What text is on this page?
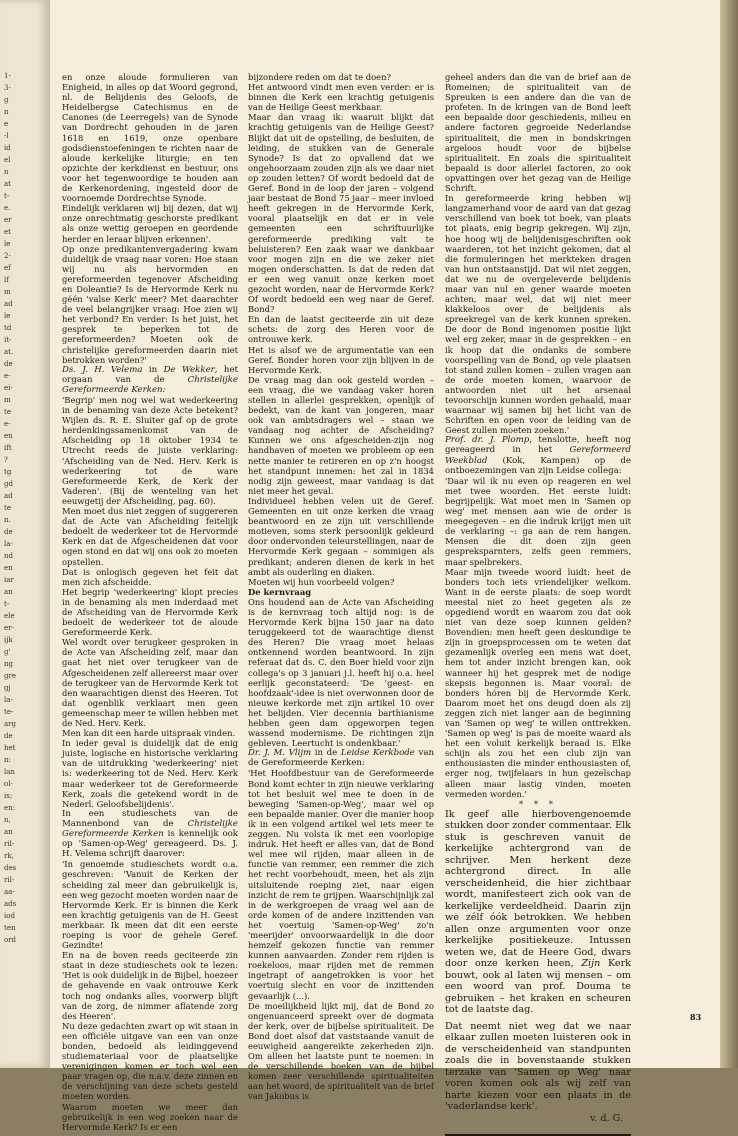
1-
3-
g
n
e
-l
id
el
n
at
t-
e.
er
et
le
2-
ef
lf
m
ad
le
td
it-
at.
de
e-
ei-
m
te
e-
en
ift
?
tg
gd
ad
te
n.
de
la-
nd
en
iar
an
t-
ele
er-
ijk
g'
ng
gre
gj
la-
te-
arg
de
het
n:
lan
ol-
is;
en:
n,
an
ril-
rk,
des
ril-
aa-
ads
iod
ten
ord

en onze aloude formulieren van Enigheid, in alles op dat Woord gegrond, nl. de Belijdenis des Geloofs, de Heidelbergse Catechismus en de Canones (de Leerregels) van de Synode van Dordrecht gehouden in de jaren 1618 en 1619, onze openbare godsdienstoefeningen te richten naar de aloude kerkelijke liturgie; en ten opzichte der kerkdienst en bestuur, ons voor het tegenwoordige te houden aan de Kerkenordening, ingesteld door de voornoemde Dordrechtse Synode.

Eindelijk verklaren wij bij dezen, dat wij onze onrechtmatig geschorste predikant als onze wettig geroepen en geordende herder en leraar blijven erkennen'.

Op onze predikantenvergadering kwam duidelijk de vraag naar voren: Hoe staan wij nu als hervormden en gereformeerden tegenover Afscheiding en Doleantie? Is de Hervormde Kerk nu géén 'valse Kerk' meer? Met daarachter de veel belangrijker vraag: Hoe zien wij het verbond? En verder: Is het juist, het gesprek te beperken tot de gereformeerden? Moeten ook de christelijke gereformeerden daarin niet betrokken worden?'

Ds. J. H. Velema in De Wekker, het orgaan van de	Christelijke Gereformeerde Kerken:

'Begrip' men nog wel wat wederkeering in de benaming van deze Acte betekent? Wijlen ds. R. E. Sluiter gaf op de grote herdenkingssamenkomst van de Afscheiding op 18 oktober 1934 te Utrecht reeds de juiste verklaring: 'Afscheiding van de Ned. Herv. Kerk is wederkeering tot de ware Gereformeerde Kerk, de Kerk der Vaderen'. (Bij de wenteling van het eeuwgetij der Afscheiding, pag. 60).

Men moet dus niet zeggen of suggereren dat de Acte van Afscheiding feitelijk bedoelt de wederkeer tot de Hervormde Kerk en dat de Afgescheidenen dat voor ogen stond en dat wij ons ook zo moeten opstellen.

Dat is onlogisch gegeven het feit dat men zich afscheidde.

Het begrip 'wederkeering' klopt precies in de benaming als men inderdaad met de Afscheiding van de Hervormde Kerk bedoelt de wederkeer tot de aloude Gereformeerde Kerk.

Wel wordt over terugkeer gesproken in de Acte van Afscheiding zelf, maar dan gaat het niet over terugkeer van de Afgescheidenen zelf allereerst maar over de terugkeer van de Hervormde Kerk tot den waarachtigen dienst des Heeren. Tot dat ogenblik verklaart men geen gemeenschap meer te willen hebben met de Ned. Herv. Kerk.

Men kan dit een harde uitspraak vinden.

In ieder geval is duidelijk dat de enig juiste, logische en historische verklaring van de uitdrukking 'wederkeering' niet is: wederkeering tot de Ned. Herv. Kerk maar wederkeer tot de Gereformeerde Kerk, zoals die getekend wordt in de Nederl. Geloofsbelijdenis'.

In een studieschets van de Mannenbond van de Christelijke Gereformeerde Kerken is kennelijk ook op 'Samen-op-Weg' gereageerd. Ds. J. H. Velema schrijft daarover:

'In genoemde studieschets wordt o.a. geschreven: 'Vanuit de Kerken der scheiding zal meer dan gebruikelijk is, een weg gezocht moeten worden naar de Hervormde Kerk. Er is binnen die Kerk een krachtig getuigenis van de H. Geest merkbaar. Ik meen dat dit een eerste roeping is voor de gehele Geref. Gezindte!

En na de boven reeds geciteerde zin staat in deze studieschets ook te lezen: 'Het is ook duidelijk in de Bijbel, hoezeer de gehavende en vaak ontrouwe Kerk toch nog ondanks alles, voorwerp blijft van de zorg, de nimmer aflatende zorg des Heeren'.

Nu deze gedachten zwart op wit staan in een officiële uitgave van een van onze bonden, bedoeld als leidinggevend studiemateriaal voor de plaatselijke verenigingen komen er toch wel een paar vragen op, die n.a.v. deze zinnen en de verschijning van deze schets gesteld moeten worden.

Waarom moeten we meer dan gebruikelijk is een weg zoeken naar de Hervormde Kerk? Is er een

bijzondere reden om dat te doen?

Het antwoord vindt men even verder: er is binnen die Kerk een krachtig getuigenis van de Heilige Geest merkbaar.

Maar dan vraag ik: waaruit blijkt dat krachtig getuigenis van de Heilige Geest? Blijkt dat uit de opstelling, de besluiten, de leiding, de stukken van de Generale Synode? Is dat zo opvallend dat we ongehoorzaam zouden zijn als we daar niet op zouden letten? Of wordt bedoeld dat de Geref. Bond in de loop der jaren – volgend jaar bestaat de Bond 75 jaar – meer invloed heeft gekregen in de Hervormde Kerk, vooral plaatselijk en dat er in vele gemeenten een schriftuurlijke gereformeerde prediking valt te beluisteren? Een zaak waar we dankbaar voor mogen zijn en die we zeker niet mogen onderschatten. Is dat de reden dat er een weg vanuit onze kerken moet gezocht worden, naar de Hervormde Kerk? Of wordt bedoeld een weg naar de Geref. Bond?

En dan de laatst geciteerde zin uit deze schets: de zorg des Heren voor de ontrouwe kerk.

Het is alsof we de argumentatie van een Geref. Bonder horen voor zijn blijven in de Hervormde Kerk.

De vraag mag dan ook gesteld worden – een vraag, die we vandaag vaker horen stellen in allerlei gesprekken, openlijk of bedekt, van de kant van jongeren, maar ook van ambtsdragers wel – staan we vandaag nog achter de Afscheiding? Kunnen we ons afgescheiden-zijn nog handhaven of moeten we probleem op een nette manier te retireren en op z'n hoogst het standpunt innemen: het zal in 1834 nodig zijn geweest, maar vandaag is dat niet meer het geval.

Individueel hebben velen uit de Geref. Gemeenten en uit onze kerken die vraag beantwoord en ze zijn uit verschillende motieven, soms sterk persoonlijk gekleurd door ondervonden teleurstellingen, naar de Hervormde Kerk gegaan – sommigen als predikant; anderen dienen de kerk in het ambt als ouderling en diaken.

Moeten wij hun voorbeeld volgen?

De kernvraag

Ons houdend aan de Acte van Afscheiding is de kernvraag toch altijd nog: is de Hervormde Kerk bijna 150 jaar na dato teruggekeerd tot de waarachtige dienst des Heren? Die vraag moet helaas ontkennend worden beantwoord. In zijn referaat dat ds. C. den Boer hield voor zijn collega's op 3 januari j.l. heeft hij o.a. heel eerlijk geconstateerd: 'De 'geest- en hoofdzaak'-idee is niet overwonnen door de nieuwe kerkorde met zijn artikel 10 over het belijden. Vier decennia barthianisme hebben geen dam opgeworpen tegen wassend modernisme. De richtingen zijn gebleven. Leertucht is ondenkbaar.'

Dr. J. M. Vlijm in de Leidse Kerkbode van de Gereformeerde Kerken:

'Het Hoofdbestuur van de Gereformeerde Bond komt echter in zijn nieuwe verklaring tot het besluit wel mee te doen in de beweging 'Samen-op-Weg', maar wel op een bepaalde manier. Over die manier hoop ik in een volgend artikel wel iets meer te zeggen. Nu volsta ik met een voorlopige indruk. Het heeft er alles van, dat de Bond wel mee wil rijden, maar alleen in de functie van remmer, een remmer die zich het recht voorbehoudt, meen, het als zijn uitsluitende roeping ziet, naar eigen inzicht de rem te grijpen. Waarschijnlijk zal in de werkgroepen de vraag wel aan de orde komen of de andere inzittenden van het voertuig 'Samen-op-Weg' zo'n 'meerijder' onvoorwaardelijk in die door hemzelf gekozen functie van remmer kunnen aanvaarden. Zonder rem rijden is roekeloos, maar rijden met de remmen ingetrapt of aangetrokken is voor het voertuig slecht en voor de inzittenden gevaarlijk (...).

De moeilijkheid lijkt mij, dat de Bond zo ongenuanceerd spreekt over de dogmata der kerk, over de bijbelse spiritualiteit. De Bond doet alsof dat vaststaande vanuit de eeuwigheid aangereikte zekerheden zijn. Om alleen het laatste punt te noemen: in de verschillende boeken van de bijbel komen zeer verschillende spiritualiteiten aan het woord, de spiritualiteit van de brief van Jakobus is

geheel anders dan die van de brief aan de Romeinen; de spiritualiteit van de Spreuken is een andere dan die van de profeten. In de kringen van de Bond leeft een bepaalde door geschiedenis, milieu en andere factoren gegroeide Nederlandse spiritualiteit, die men in bondskringen argeloos houdt voor de bijbelse spiritualiteit. En zoals die spiritualiteit bepaald is door allerlei factoren, zo ook opvattingen over het gezag van de Heilige Schrift.

In gereformeerde kring hebben wij langzamerhand voor de aard van dat gezag verschillend van boek tot boek, van plaats tot plaats, enig begrip gekregen. Wij zijn, hoe hoog wij de belijdenisgeschriften ook waarderen, tot het inzicht gekomen, dat al die formuleringen het merkteken dragen van hun ontstaanstijd. Dat wil niet zeggen, dat we nu de overgeleverde belijdenis maar van nul en gener waarde moeten achten, maar wel, dat wij niet meer klakkeloos over de belijdenis als spreekregel van de kerk kunnen spreken. De door de Bond ingenomen positie lijkt wel erg zeker, maar in de gesprekken – en ik hoop dat die ondanks de sombere voorspelling van de Bond, op vele plaatsen tot stand zullen komen – zullen vragen aan de orde moeten komen, waarvoor de antwoorden niet uit het arsenaal tevoorschijn kunnen worden gehaald, maar waarnaar wij samen bij het licht van de Schriften en open voor de leiding van de Geest zullen moeten zoeken.'

Prof. dr. J. Plomp, tenslotte, heeft nog gereageerd in het Gereformeerd Weekblad (Kok, Kampen) op de ontboezemingen van zijn Leidse collega:

'Daar wil ik nu even op reageren en wel met twee woorden. Het eerste luidt: begrijpelijk. Wat moet men in 'Samen op weg' met mensen aan wie de order is meegegeven – en die indruk krijgt men uit de verklaring –: ga aan de rem hangen. Mensen die dit doen zijn geen gespreksparnters, zelfs geen remmers, maar spelbrekers.

Maar mijn tweede woord luidt: heet de bonders toch iets vriendelijker welkom. Want in de eerste plaats: de soep wordt meestal niet zo heet gegeten als ze opgediend wordt en waarom zou dat ook niet van deze soep kunnen gelden? Bovendien: men heeft geen deskundige te zijn in groepsprocessen om te weten dat gezamenlijk overleg een mens wat doet, hem tot ander inzicht brengen kan, ook wanneer hij het gesprek met de nodige skepsis begonnen is. Maar vooral: de bonders hóren bij de Hervormde Kerk. Daarom moet het ons deugd doen als zij zeggen zich niet langer aan de beginning van 'Samen op weg' te willen onttrekken. 'Samen op weg' is pas de moeite waard als het een voluit kerkelijk beraad is. Elke schijn als zou het een club zijn van enthousiasten die minder enthousiasten of, erger nog, twijfelaars in hun gezelschap alleen maar lastig vinden, moeten vermeden worden.'

* * *

Ik geef alle hierbovengenoemde stukken door zonder commentaar. Elk stuk is geschreven vanuit de kerkelijke achtergrond van de schrijver. Men herkent deze achtergrond direct. In alle verscheidenheid, die hier zichtbaar wordt, manifesteert zich ook van de kerkelijke verdeeldheid. Daarin zijn we zélf óók betrokken. We hebben allen onze argumenten voor onze kerkelijke positiekeuze. Intussen weten we, dat de Heere God, dwars door onze kerken heen, Zijn Kerk bouwt, ook al laten wij mensen – om een woord van prof. Douma te gebruiken – het kraken en scheuren tot de laatste dag.

Dat neemt niet weg dat we naar elkaar zullen moeten luisteren ook in de verscheidenheid van standpunten zoals die in bovenstaande stukken terzake van 'Samen op Weg' naar voren komen ook als wij zelf van harte kiezen voor een plaats in de 'vaderlandse kerk'.

v. d. G.

83
